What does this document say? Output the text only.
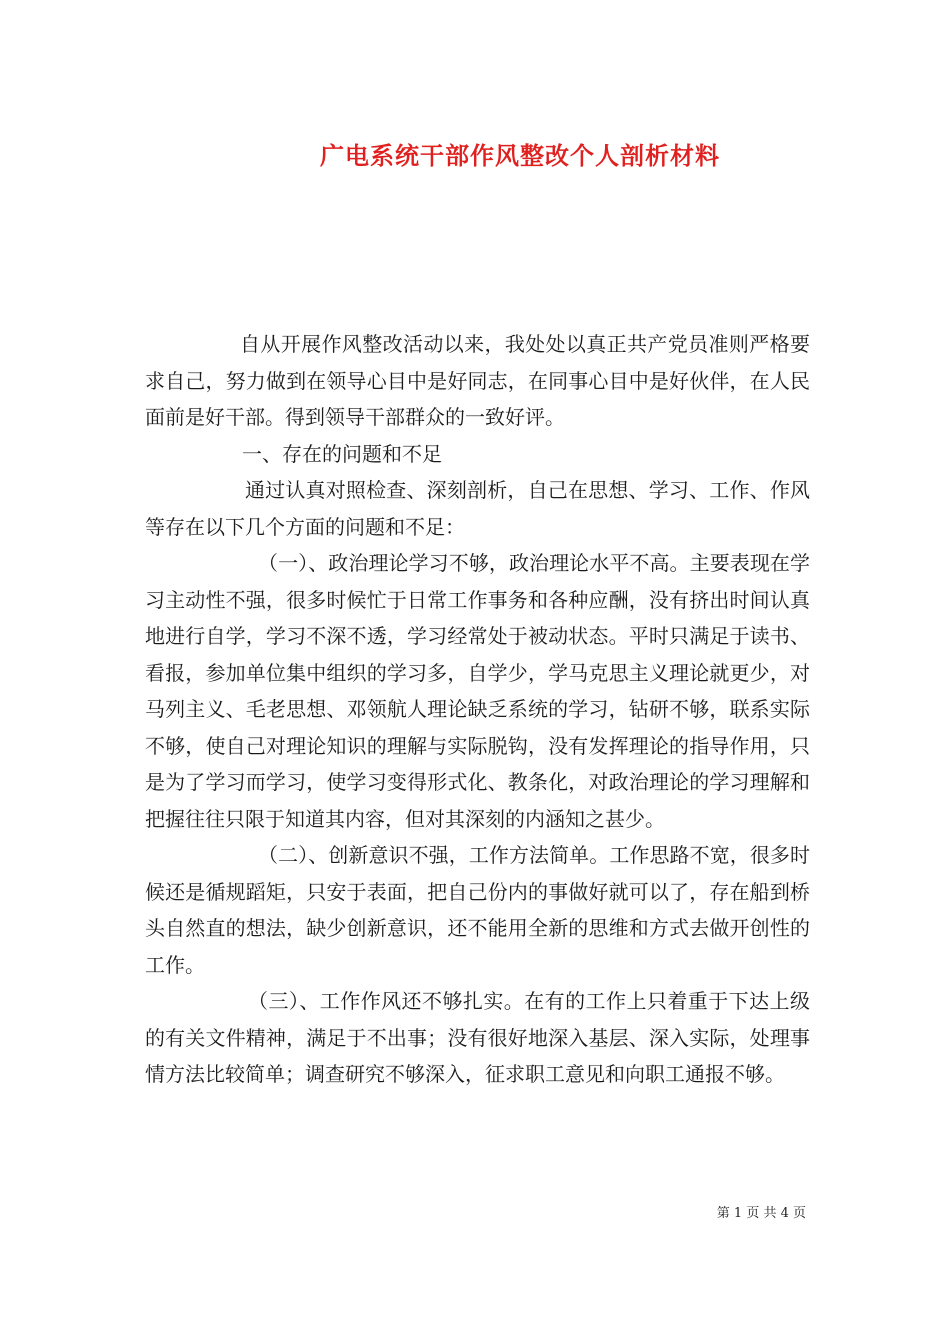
广电系统干部作风整改个人剖析材料

自从开展作风整改活动以来，我处处以真正共产党员准则严格要求自己，努力做到在领导心目中是好同志，在同事心目中是好伙伴，在人民面前是好干部。得到领导干部群众的一致好评。

一、存在的问题和不足

通过认真对照检查、深刻剖析，自己在思想、学习、工作、作风等存在以下几个方面的问题和不足：

（一）、政治理论学习不够，政治理论水平不高。主要表现在学习主动性不强，很多时候忙于日常工作事务和各种应酬，没有挤出时间认真地进行自学，学习不深不透，学习经常处于被动状态。平时只满足于读书、看报，参加单位集中组织的学习多，自学少，学马克思主义理论就更少，对马列主义、毛老思想、邓领航人理论缺乏系统的学习，钻研不够，联系实际不够，使自己对理论知识的理解与实际脱钩，没有发挥理论的指导作用，只是为了学习而学习，使学习变得形式化、教条化，对政治理论的学习理解和把握往往只限于知道其内容，但对其深刻的内涵知之甚少。

（二）、创新意识不强，工作方法简单。工作思路不宽，很多时候还是循规蹈矩，只安于表面，把自己份内的事做好就可以了，存在船到桥头自然直的想法，缺少创新意识，还不能用全新的思维和方式去做开创性的工作。

（三）、工作作风还不够扎实。在有的工作上只着重于下达上级的有关文件精神，满足于不出事；没有很好地深入基层、深入实际，处理事情方法比较简单；调查研究不够深入，征求职工意见和向职工通报不够。

第 1 页 共 4 页
